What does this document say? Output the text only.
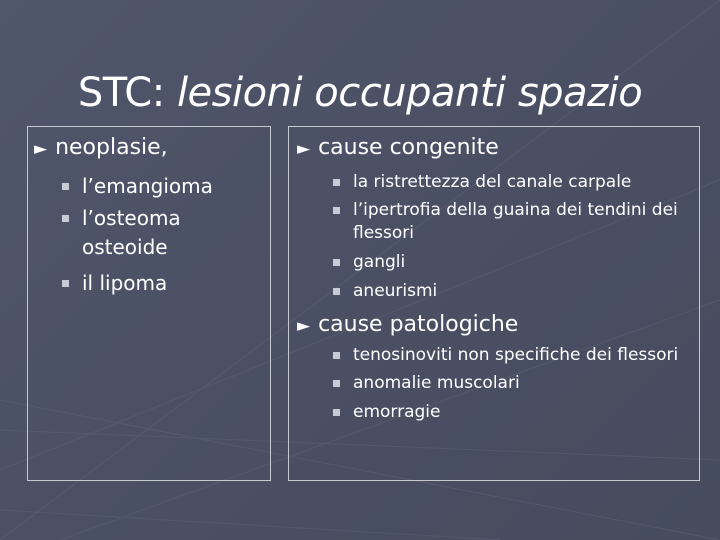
STC: lesioni occupanti spazio
► neoplasie,
l’emangioma
l’osteoma
osteoide
il lipoma
► cause congenite
la ristrettezza del canale carpale
l’ipertrofia della guaina dei tendini dei
flessori
gangli
aneurismi
► cause patologiche
tenosinoviti non specifiche dei flessori
anomalie muscolari
emorragie
